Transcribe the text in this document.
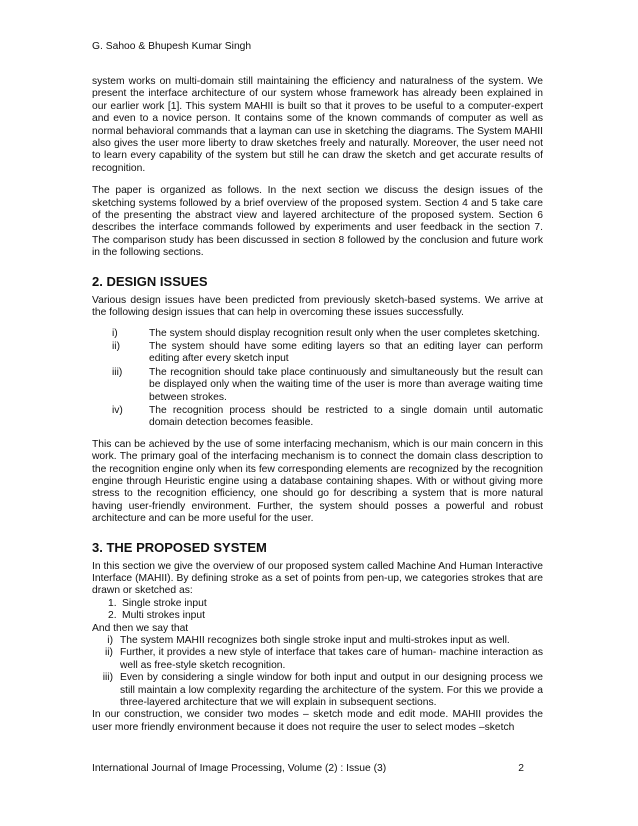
G. Sahoo & Bhupesh Kumar Singh

system works on multi-domain still maintaining the efficiency and naturalness of the system. We present the interface architecture of our system whose framework has already been explained in our earlier work [1]. This system MAHII is built so that it proves to be useful to a computer-expert and even to a novice person. It contains some of the known commands of computer as well as normal behavioral commands that a layman can use in sketching the diagrams. The System MAHII also gives the user more liberty to draw sketches freely and naturally. Moreover, the user need not to learn every capability of the system but still he can draw the sketch and get accurate results of recognition.

The paper is organized as follows. In the next section we discuss the design issues of the sketching systems followed by a brief overview of the proposed system. Section 4 and 5 take care of the presenting the abstract view and layered architecture of the proposed system. Section 6 describes the interface commands followed by experiments and user feedback in the section 7. The comparison study has been discussed in section 8 followed by the conclusion and future work in the following sections.

2. DESIGN ISSUES

Various design issues have been predicted from previously sketch-based systems. We arrive at the following design issues that can help in overcoming these issues successfully.

i)	The system should display recognition result only when the user completes sketching.
ii)	The system should have some editing layers so that an editing layer can perform editing after every sketch input
iii)	The recognition should take place continuously and simultaneously but the result can be displayed only when the waiting time of the user is more than average waiting time between strokes.
iv)	The recognition process should be restricted to a single domain until automatic domain detection becomes feasible.

This can be achieved by the use of some interfacing mechanism, which is our main concern in this work. The primary goal of the interfacing mechanism is to connect the domain class description to the recognition engine only when its few corresponding elements are recognized by the recognition engine through Heuristic engine using a database containing shapes. With or without giving more stress to the recognition efficiency, one should go for describing a system that is more natural having user-friendly environment. Further, the system should posses a powerful and robust architecture and can be more useful for the user.

3. THE PROPOSED SYSTEM

In this section we give the overview of our proposed system called Machine And Human Interactive Interface (MAHII). By defining stroke as a set of points from pen-up, we categories strokes that are drawn or sketched as:

1. Single stroke input
2. Multi strokes input

And then we say that

i) The system MAHII recognizes both single stroke input and multi-strokes input as well.
ii) Further, it provides a new style of interface that takes care of human- machine interaction as well as free-style sketch recognition.
iii) Even by considering a single window for both input and output in our designing process we still maintain a low complexity regarding the architecture of the system. For this we provide a three-layered architecture that we will explain in subsequent sections.

In our construction, we consider two modes – sketch mode and edit mode. MAHII provides the user more friendly environment because it does not require the user to select modes –sketch

International Journal of Image Processing, Volume (2) : Issue (3)	2
